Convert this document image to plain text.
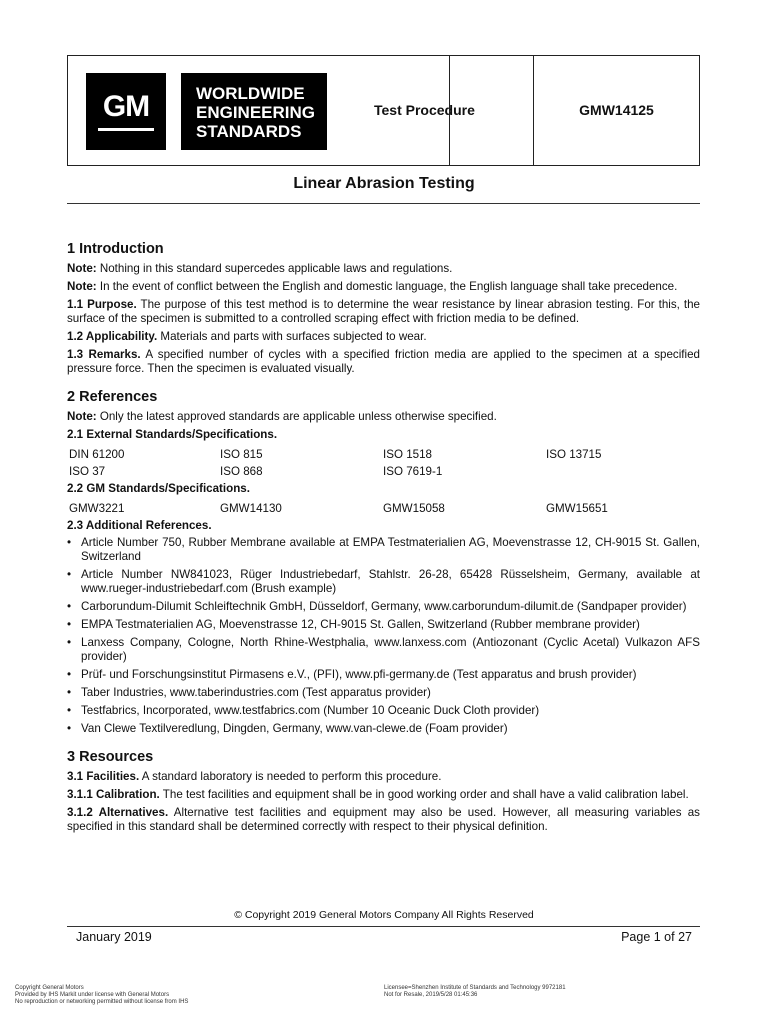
GM	WORLDWIDE
ENGINEERING
STANDARDS
Test Procedure	GMW14125
Linear Abrasion Testing
1 Introduction

Note: Nothing in this standard supercedes applicable laws and regulations.

Note: In the event of conflict between the English and domestic language, the English language shall take precedence.

1.1 Purpose. The purpose of this test method is to determine the wear resistance by linear abrasion testing. For this, the surface of the specimen is submitted to a controlled scraping effect with friction media to be defined.

1.2 Applicability. Materials and parts with surfaces subjected to wear.

1.3 Remarks. A specified number of cycles with a specified friction media are applied to the specimen at a specified pressure force. Then the specimen is evaluated visually.

2 References

Note: Only the latest approved standards are applicable unless otherwise specified.

2.1 External Standards/Specifications.
DIN 61200	ISO 815	ISO 1518	ISO 13715
ISO 37	ISO 868	ISO 7619-1
2.2 GM Standards/Specifications.
GMW3221	GMW14130	GMW15058	GMW15651
2.3 Additional References.
• Article Number 750, Rubber Membrane available at EMPA Testmaterialien AG, Moevenstrasse 12, CH-9015 St. Gallen, Switzerland
• Article Number NW841023, Rüger Industriebedarf, Stahlstr. 26-28, 65428 Rüsselsheim, Germany, available at www.rueger-industriebedarf.com (Brush example)
• Carborundum-Dilumit Schleiftechnik GmbH, Düsseldorf, Germany, www.carborundum-dilumit.de (Sandpaper provider)
• EMPA Testmaterialien AG, Moevenstrasse 12, CH-9015 St. Gallen, Switzerland (Rubber membrane provider)
• Lanxess Company, Cologne, North Rhine-Westphalia, www.lanxess.com (Antiozonant (Cyclic Acetal) Vulkazon AFS provider)
• Prüf- und Forschungsinstitut Pirmasens e.V., (PFI), www.pfi-germany.de (Test apparatus and brush provider)
• Taber Industries, www.taberindustries.com (Test apparatus provider)
• Testfabrics, Incorporated, www.testfabrics.com (Number 10 Oceanic Duck Cloth provider)
• Van Clewe Textilveredlung, Dingden, Germany, www.van-clewe.de (Foam provider)
3 Resources

3.1 Facilities. A standard laboratory is needed to perform this procedure.

3.1.1 Calibration. The test facilities and equipment shall be in good working order and shall have a valid calibration label.

3.1.2 Alternatives. Alternative test facilities and equipment may also be used. However, all measuring variables as specified in this standard shall be determined correctly with respect to their physical definition.

© Copyright 2019 General Motors Company All Rights Reserved
January 2019	Page 1 of 27
Copyright General Motors
Provided by IHS Markit under license with General Motors
No reproduction or networking permitted without license from IHS
Licensee=Shenzhen Institute of Standards and Technology 9972181
Not for Resale, 2019/5/28 01:45:36
